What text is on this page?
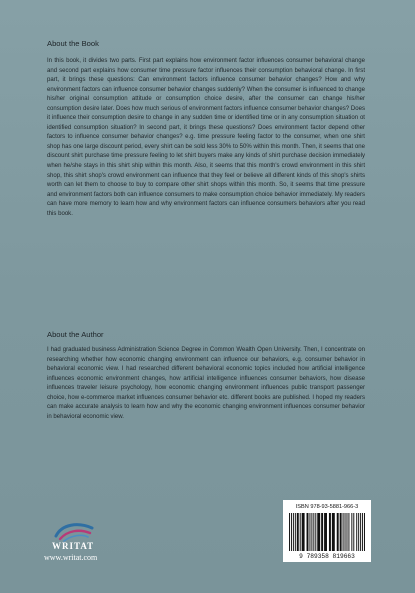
About the Book

In this book, it divides two parts. First part explains how environment factor influences consumer behavioral change and second part explains how consumer time pressure factor influences their consumption behavioral change. In first part, it brings these questions: Can environment factors influence consumer behavior changes? How and why environment factors can influence consumer behavior changes suddenly? When the consumer is influenced to change his/her original consumption attitude or consumption choice desire, after the consumer can change his/her consumption desire later. Does how much serious of environment factors influence consumer behavior changes? Does it influence their consumption desire to change in any sudden time or identified time or in any consumption situation ot identified consumption situation? In second part, it brings these questions? Does environment factor depend other factors to influence consumer behavior changes? e.g. time pressure feeling factor to the consumer, when one shirt shop has one large discount period, every shirt can be sold less 30% to 50% within this month. Then, it seems that one discount shirt purchase time pressure feeling to let shirt buyers make any kinds of shirt purchase decision immediately when he/she stays in this shirt ship within this month. Also, it seems that this month's crowd environment in this shirt shop, this shirt shop's crowd environment can influence that they feel or believe all different kinds of this shop's shirts worth can let them to choose to buy to compare other shirt shops within this month. So, it seems that time pressure and environment factors both can influence consumers to make consumption choice behavior immediately. My readers can have more memory to learn how and why environment factors can influence consumers behaviors after you read this book.

About the Author

I had graduated business Administration Science Degree in Common Wealth Open University. Then, I concentrate on researching whether how economic changing environment can influence our behaviors, e.g. consumer behavior in behavioral economic view. I had researched different behavioral economic topics included how artificial intelligence influences economic environment changes, how artificial intelligence influences consumer behaviors, how disease influences traveler leisure psychology, how economic changing environment influences public transport passenger choice, how e-commerce market influences consumer behavior etc. different books are published. I hoped my readers can make accurate analysis to learn how and why the economic changing environment influences consumer behavior in behavioral economic view.

WRITAT
www.writat.com
ISBN 978-93-5881-966-3
9 789358 819663
